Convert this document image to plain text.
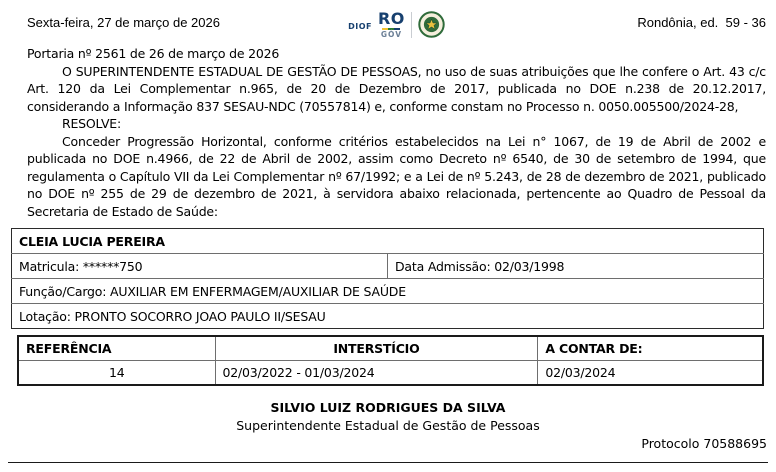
Sexta-feira, 27 de março de 2026	DIOF RO
GÓV
Rondônia, ed.  59 - 36

Portaria nº 2561 de 26 de março de 2026

O SUPERINTENDENTE ESTADUAL DE GESTÃO DE PESSOAS, no uso de suas atribuições que lhe confere o Art. 43 c/c Art. 120 da Lei Complementar n.965, de 20 de Dezembro de 2017, publicada no DOE n.238 de 20.12.2017, considerando a Informação 837 SESAU-NDC (70557814) e, conforme constam no Processo n. 0050.005500/2024-28,

RESOLVE:

Conceder Progressão Horizontal, conforme critérios estabelecidos na Lei n° 1067, de 19 de Abril de 2002 e publicada no DOE n.4966, de 22 de Abril de 2002, assim como Decreto nº 6540, de 30 de setembro de 1994, que regulamenta o Capítulo VII da Lei Complementar nº 67/1992; e a Lei de nº 5.243, de 28 de dezembro de 2021, publicado no DOE nº 255 de 29 de dezembro de 2021, à servidora abaixo relacionada, pertencente ao Quadro de Pessoal da Secretaria de Estado de Saúde:

CLEIA LUCIA PEREIRA
Matricula: ******750	Data Admissão: 02/03/1998
Função/Cargo: AUXILIAR EM ENFERMAGEM/AUXILIAR DE SAÚDE
Lotação: PRONTO SOCORRO JOAO PAULO II/SESAU
REFERÊNCIA	INTERSTÍCIO	A CONTAR DE:
14	02/03/2022 - 01/03/2024	02/03/2024
SILVIO LUIZ RODRIGUES DA SILVA
Superintendente Estadual de Gestão de Pessoas
Protocolo 70588695
